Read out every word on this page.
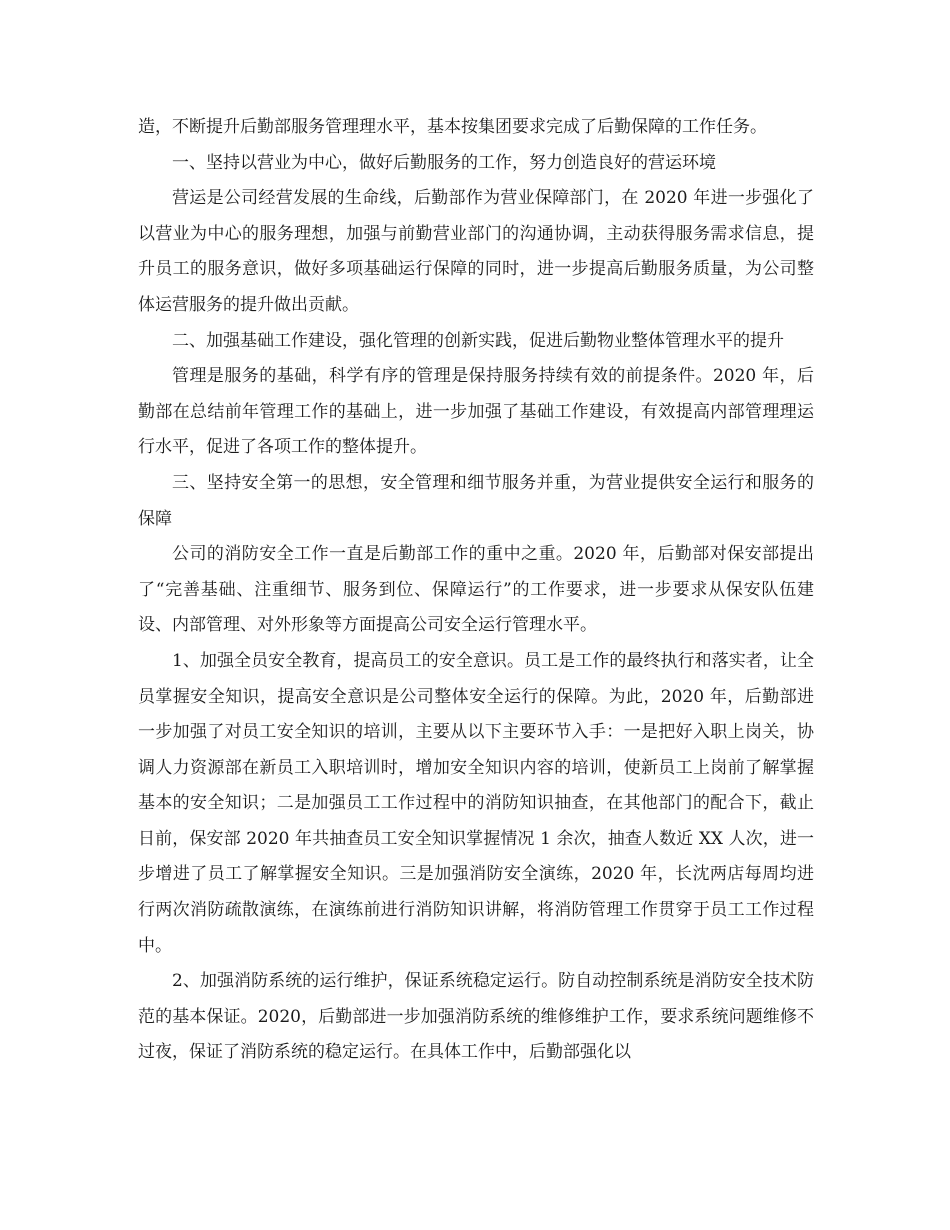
造，不断提升后勤部服务管理理水平，基本按集团要求完成了后勤保障的工作任务。

一、坚持以营业为中心，做好后勤服务的工作，努力创造良好的营运环境

营运是公司经营发展的生命线，后勤部作为营业保障部门，在 2020 年进一步强化了以营业为中心的服务理想，加强与前勤营业部门的沟通协调，主动获得服务需求信息，提升员工的服务意识，做好多项基础运行保障的同时，进一步提高后勤服务质量，为公司整体运营服务的提升做出贡献。

二、加强基础工作建设，强化管理的创新实践，促进后勤物业整体管理水平的提升

管理是服务的基础，科学有序的管理是保持服务持续有效的前提条件。2020 年，后勤部在总结前年管理工作的基础上，进一步加强了基础工作建设，有效提高内部管理理运行水平，促进了各项工作的整体提升。

三、坚持安全第一的思想，安全管理和细节服务并重，为营业提供安全运行和服务的保障

公司的消防安全工作一直是后勤部工作的重中之重。2020 年，后勤部对保安部提出了“完善基础、注重细节、服务到位、保障运行”的工作要求，进一步要求从保安队伍建设、内部管理、对外形象等方面提高公司安全运行管理水平。

1、加强全员安全教育，提高员工的安全意识。员工是工作的最终执行和落实者，让全员掌握安全知识，提高安全意识是公司整体安全运行的保障。为此，2020 年，后勤部进一步加强了对员工安全知识的培训，主要从以下主要环节入手：一是把好入职上岗关，协调人力资源部在新员工入职培训时，增加安全知识内容的培训，使新员工上岗前了解掌握基本的安全知识；二是加强员工工作过程中的消防知识抽查，在其他部门的配合下，截止日前，保安部 2020 年共抽查员工安全知识掌握情况 1 余次，抽查人数近 XX 人次，进一步增进了员工了解掌握安全知识。三是加强消防安全演练，2020 年，长沈两店每周均进行两次消防疏散演练，在演练前进行消防知识讲解，将消防管理工作贯穿于员工工作过程中。

2、加强消防系统的运行维护，保证系统稳定运行。防自动控制系统是消防安全技术防范的基本保证。2020，后勤部进一步加强消防系统的维修维护工作，要求系统问题维修不过夜，保证了消防系统的稳定运行。在具体工作中，后勤部强化以
